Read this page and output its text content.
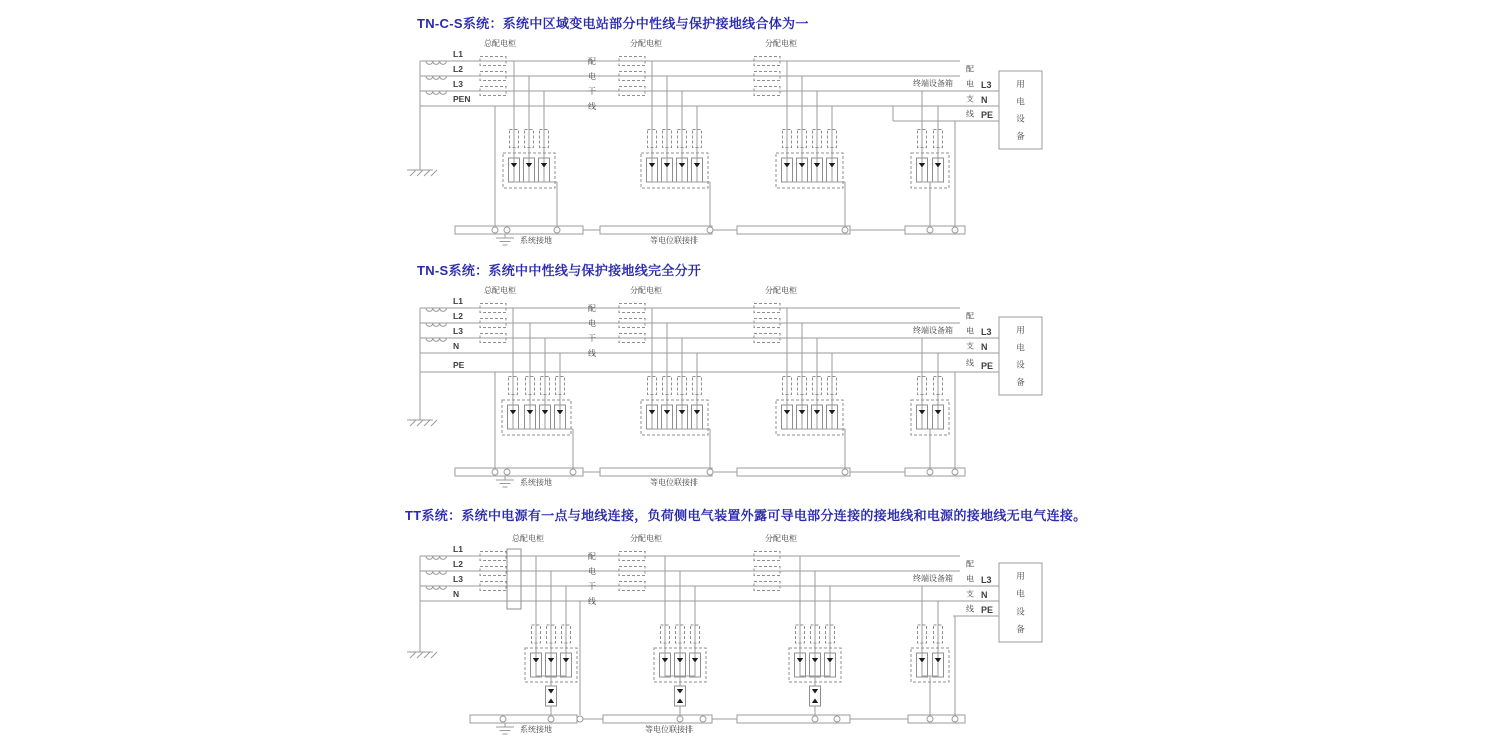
TN-C-S系统：系统中区域变电站部分中性线与保护接地线合体为一
TN-S系统：系统中中性线与保护接地线完全分开
TT系统：系统中电源有一点与地线连接，负荷侧电气装置外露可导电部分连接的接地线和电源的接地线无电气连接。
L1
L2
L3
PEN
总配电柜	分配电柜	分配电柜
配
电
干
线
配
电
支
线
终端设备箱	L3
N
PE
用
电
设
备
系统接地	等电位联接排
L1
L2
L3
N
PE
总配电柜	分配电柜	分配电柜
配
电
干
线
配
电
支
线
终端设备箱	L3
N
PE
用
电
设
备
系统接地	等电位联接排
L1
L2
L3
N
总配电柜	分配电柜	分配电柜
配
电
干
线
配
电
支
线
终端设备箱	L3
N
PE
用
电
设
备
系统接地	等电位联接排
